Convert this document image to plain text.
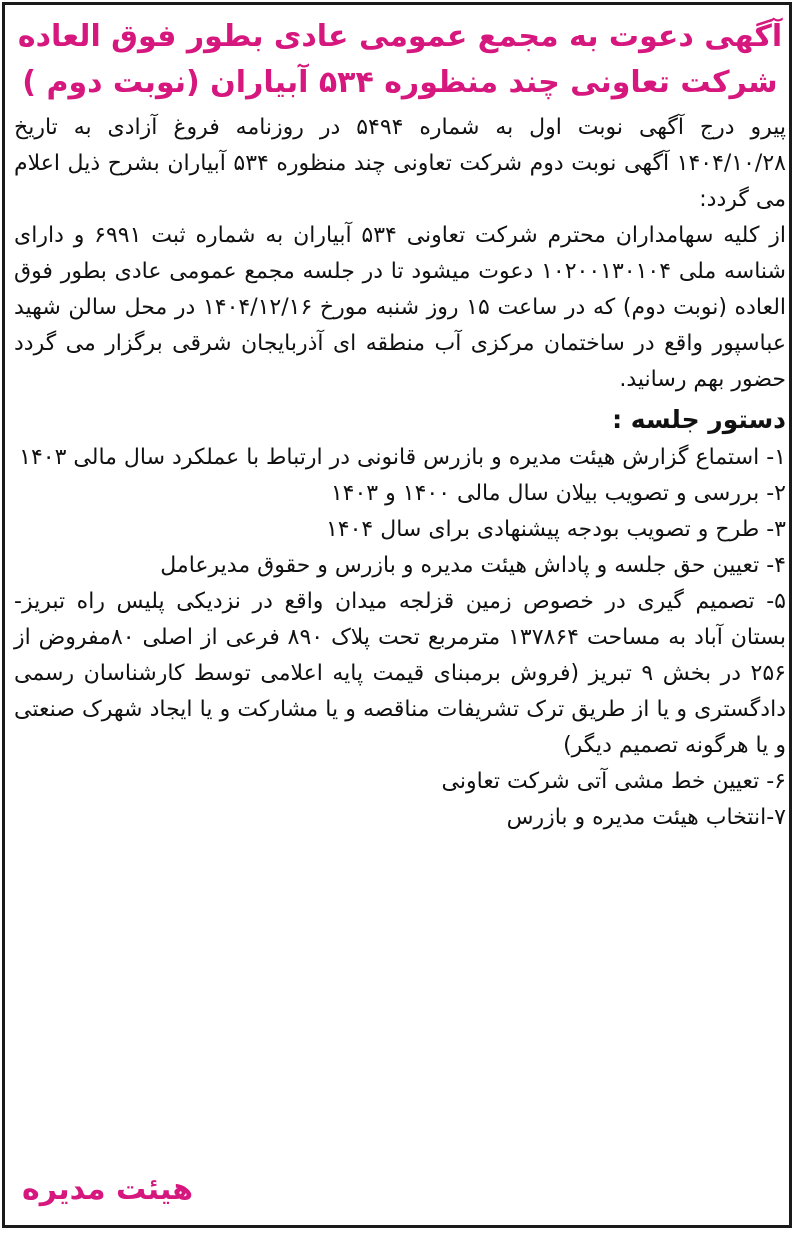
آگهی دعوت به مجمع عمومی عادی بطور فوق العاده
شرکت تعاونی چند منظوره ۵۳۴ آبیاران (نوبت دوم )

پیرو درج آگهی نوبت اول به شماره ۵۴۹۴ در روزنامه فروغ آزادی به تاریخ ۱۴۰۴/۱۰/۲۸ آگهی نوبت دوم شرکت تعاونی چند منظوره ۵۳۴ آبیاران بشرح ذیل اعلام می گردد:

از کلیه سهامداران محترم شرکت تعاونی ۵۳۴ آبیاران به شماره ثبت ۶۹۹۱ و دارای شناسه ملی ۱۰۲۰۰۱۳۰۱۰۴ دعوت میشود تا در جلسه مجمع عمومی عادی بطور فوق العاده (نوبت دوم) که در ساعت ۱۵ روز شنبه مورخ ۱۴۰۴/۱۲/۱۶ در محل سالن شهید عباسپور واقع در ساختمان مرکزی آب منطقه ای آذربایجان شرقی برگزار می گردد حضور بهم رسانید.

دستور جلسه :

۱- استماع گزارش هیئت مدیره و بازرس قانونی در ارتباط با عملکرد سال مالی ۱۴۰۳

۲- بررسی و تصویب بیلان سال مالی ۱۴۰۰ و ۱۴۰۳

۳- طرح و تصویب بودجه پیشنهادی برای سال ۱۴۰۴

۴- تعیین حق جلسه و پاداش هیئت مدیره و بازرس و حقوق مدیرعامل

۵- تصمیم گیری در خصوص زمین قزلجه میدان واقع در نزدیکی پلیس راه تبریز- بستان آباد به مساحت ۱۳۷۸۶۴ مترمربع تحت پلاک ۸۹۰ فرعی از اصلی ۸۰مفروض از ۲۵۶ در بخش ۹ تبریز (فروش برمبنای قیمت پایه اعلامی توسط کارشناسان رسمی دادگستری و یا از طریق ترک تشریفات مناقصه و یا مشارکت و یا ایجاد شهرک صنعتی و یا هرگونه تصمیم دیگر)

۶- تعیین خط مشی آتی شرکت تعاونی

۷-انتخاب هیئت مدیره و بازرس

هیئت مدیره
